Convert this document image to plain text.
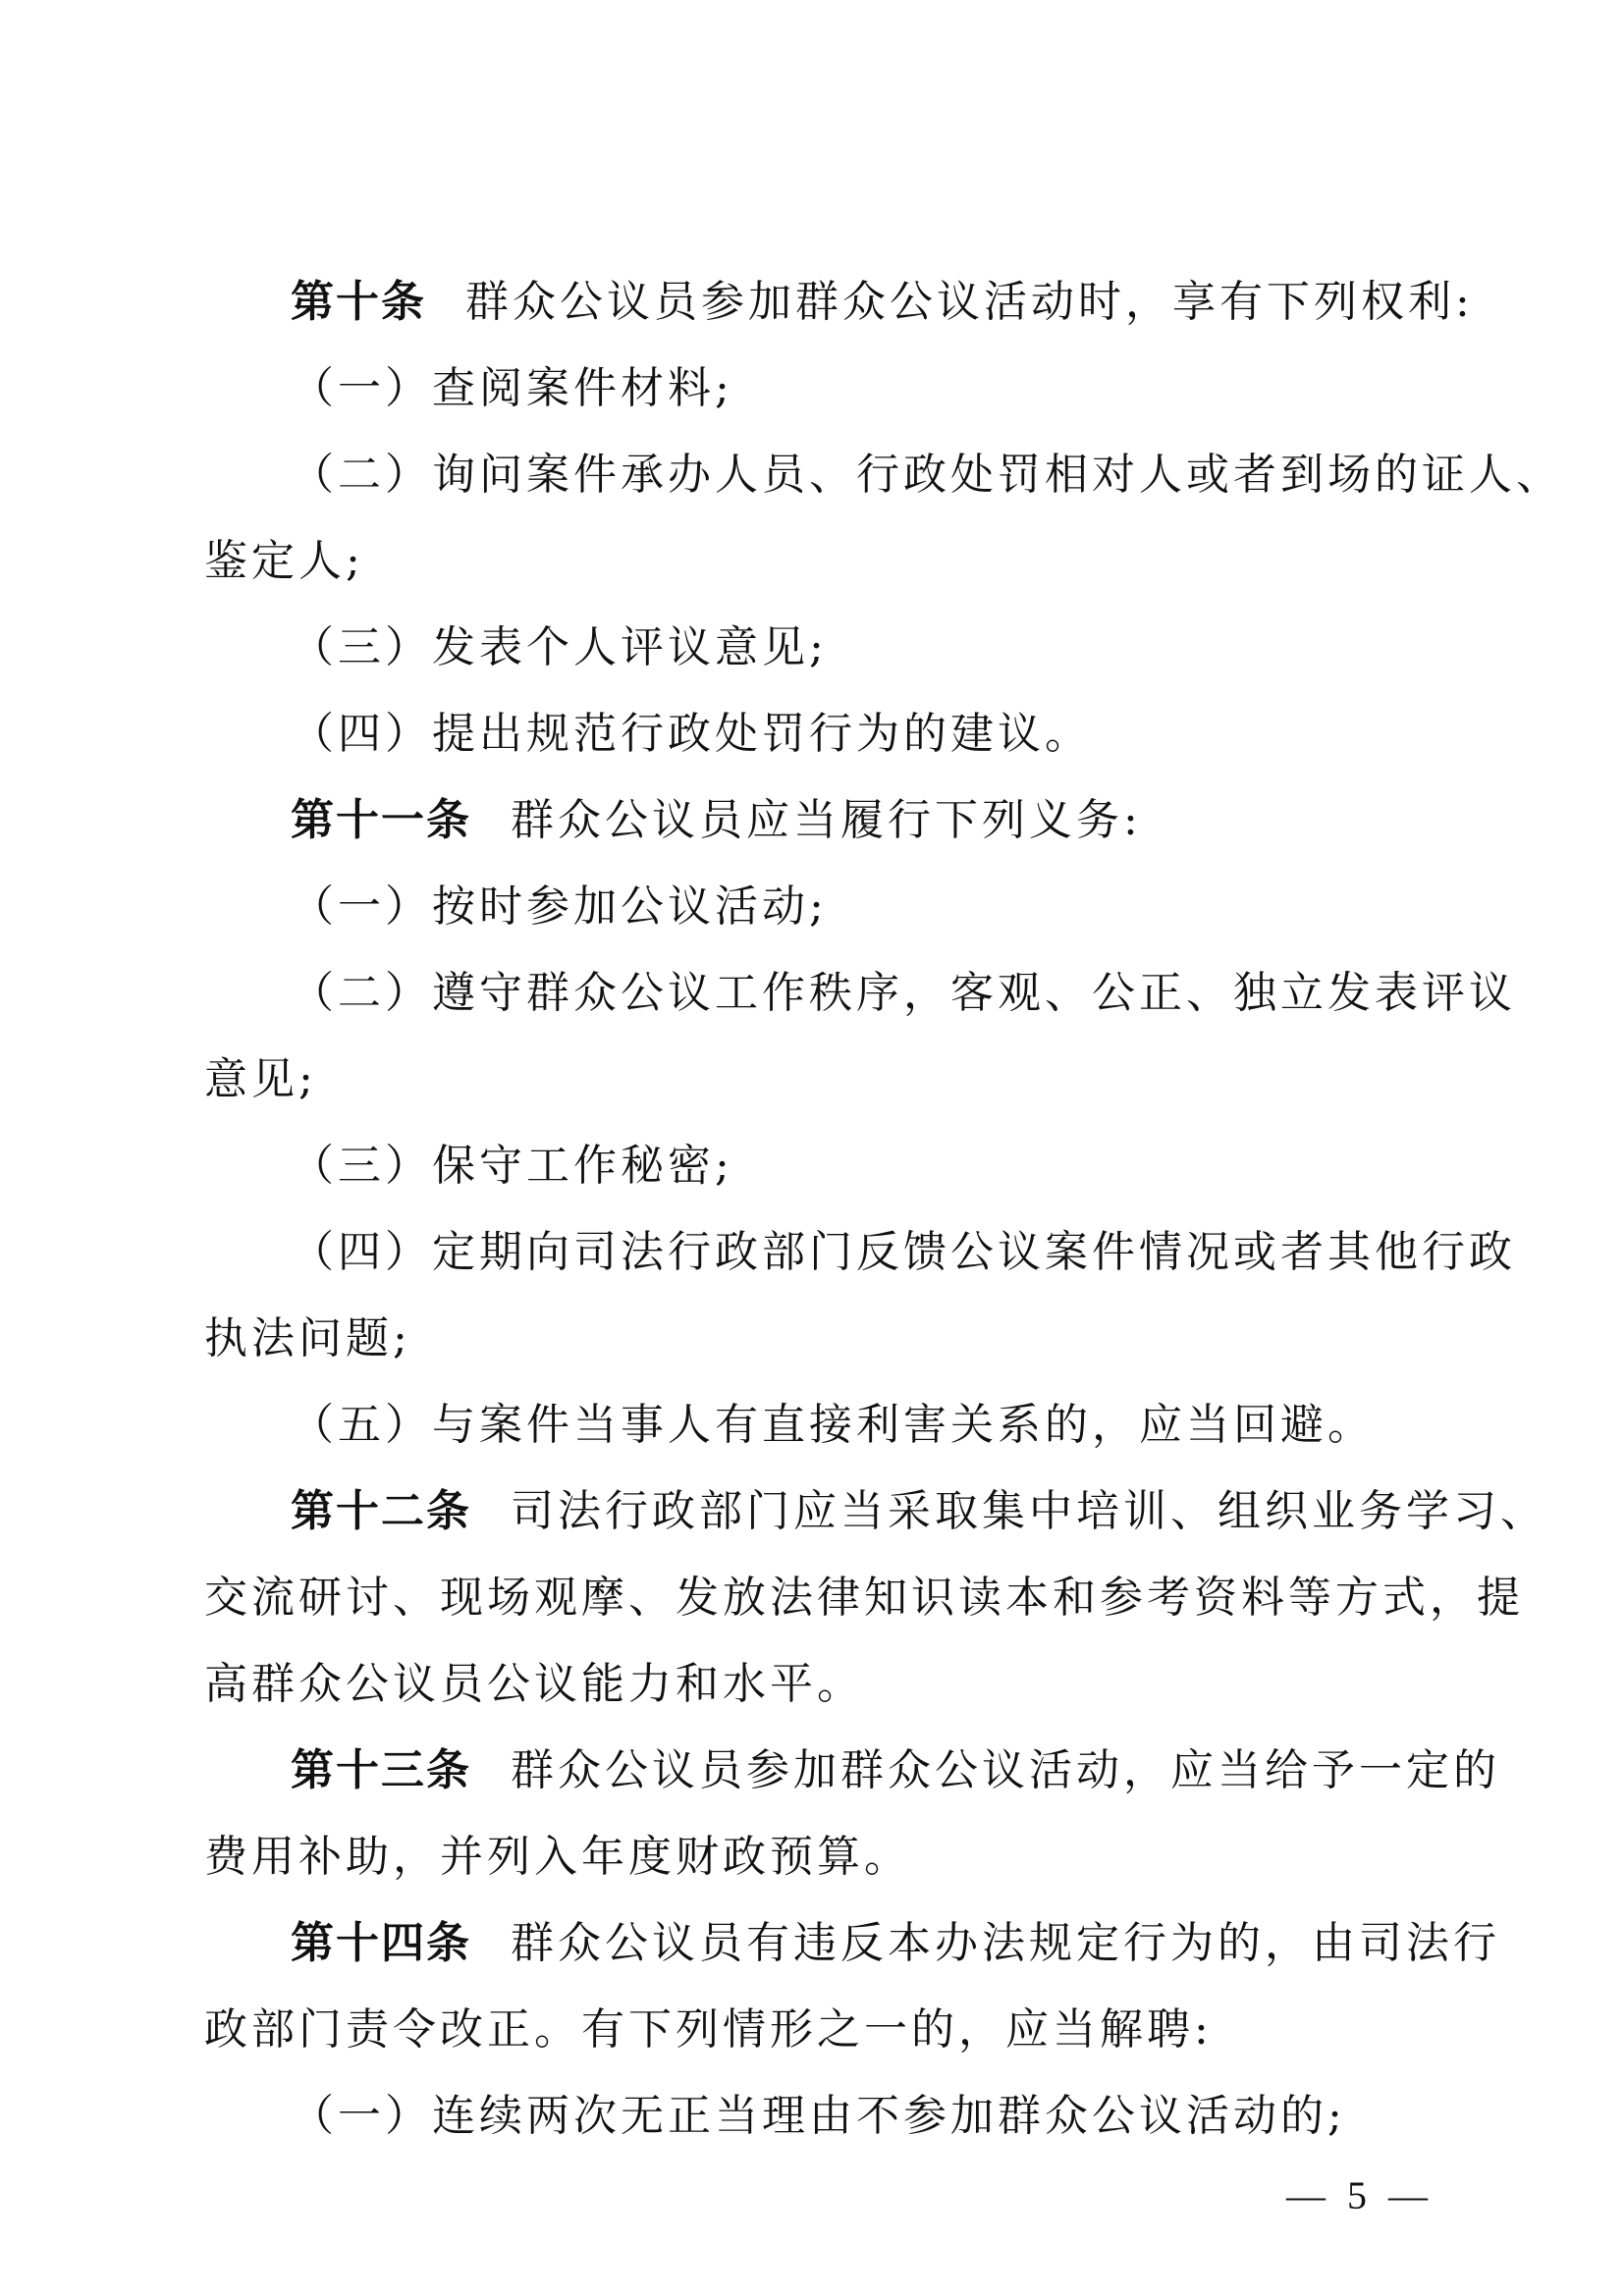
第十条 群众公议员参加群众公议活动时，享有下列权利:
（一）查阅案件材料;
（二）询问案件承办人员、行政处罚相对人或者到场的证人、
鉴定人;
（三）发表个人评议意见;
（四）提出规范行政处罚行为的建议。
第十一条 群众公议员应当履行下列义务:
（一）按时参加公议活动;
（二）遵守群众公议工作秩序，客观、公正、独立发表评议
意见;
（三）保守工作秘密;
（四）定期向司法行政部门反馈公议案件情况或者其他行政
执法问题;
（五）与案件当事人有直接利害关系的，应当回避。
第十二条 司法行政部门应当采取集中培训、组织业务学习、
交流研讨、现场观摩、发放法律知识读本和参考资料等方式，提
高群众公议员公议能力和水平。
第十三条 群众公议员参加群众公议活动，应当给予一定的
费用补助，并列入年度财政预算。
第十四条 群众公议员有违反本办法规定行为的，由司法行
政部门责令改正。有下列情形之一的，应当解聘:
（一）连续两次无正当理由不参加群众公议活动的;
— 5 —
